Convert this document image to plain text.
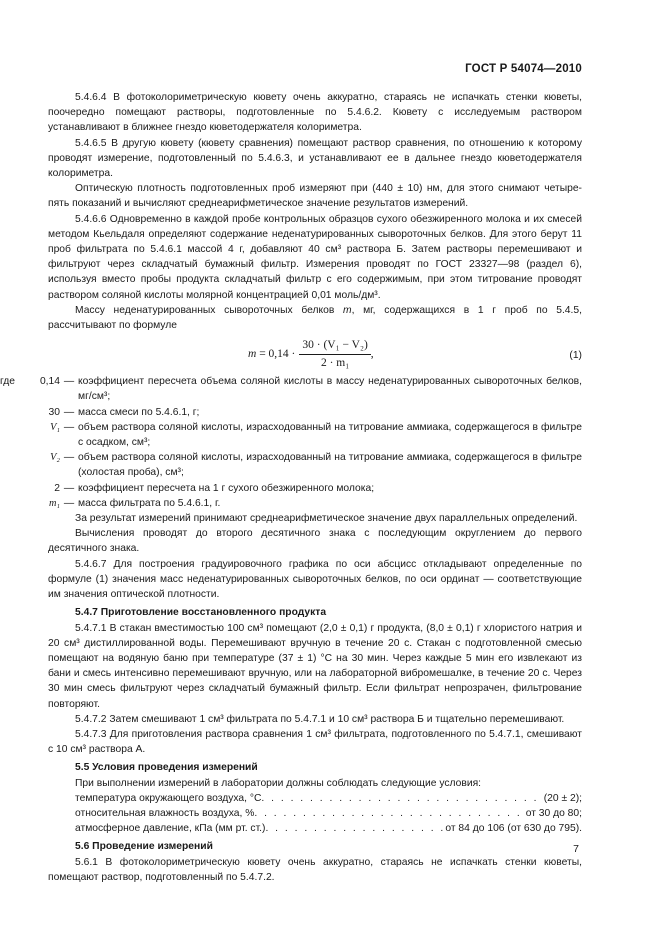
ГОСТ Р 54074—2010

5.4.6.4 В фотоколориметрическую кювету очень аккуратно, стараясь не испачкать стенки кюветы, поочередно помещают растворы, подготовленные по 5.4.6.2. Кювету с исследуемым раствором устанавливают в ближнее гнездо кюветодержателя колориметра.

5.4.6.5 В другую кювету (кювету сравнения) помещают раствор сравнения, по отношению к которому проводят измерение, подготовленный по 5.4.6.3, и устанавливают ее в дальнее гнездо кюветодержателя колориметра.

Оптическую плотность подготовленных проб измеряют при (440 ± 10) нм, для этого снимают четыре-пять показаний и вычисляют среднеарифметическое значение результатов измерений.

5.4.6.6 Одновременно в каждой пробе контрольных образцов сухого обезжиренного молока и их смесей методом Кьельдаля определяют содержание неденатурированных сывороточных белков. Для этого берут 11 проб фильтрата по 5.4.6.1 массой 4 г, добавляют 40 см³ раствора Б. Затем растворы перемешивают и фильтруют через складчатый бумажный фильтр. Измерения проводят по ГОСТ 23327—98 (раздел 6), используя вместо пробы продукта складчатый фильтр с его содержимым, при этом титрование проводят раствором соляной кислоты молярной концентрацией 0,01 моль/дм³.

Массу неденатурированных сывороточных белков m, мг, содержащихся в 1 г проб по 5.4.5, рассчитывают по формуле

$m = 0,14 \cdot \frac{\text{30 · (V₁ − V₂)}}{\text{2 · m₁}}$ ,	(1)
где	0,14 — коэффициент пересчета объема соляной кислоты в массу неденатурированных сывороточных белков, мг/см³;
30 — масса смеси по 5.4.6.1, г;
V₁ — объем раствора соляной кислоты, израсходованный на титрование аммиака, содержащегося в фильтре с осадком, см³;
V₂ — объем раствора соляной кислоты, израсходованный на титрование аммиака, содержащегося в фильтре (холостая проба), см³;
2 — коэффициент пересчета на 1 г сухого обезжиренного молока;
m₁ — масса фильтрата по 5.4.6.1, г.

За результат измерений принимают среднеарифметическое значение двух параллельных определений.

Вычисления проводят до второго десятичного знака с последующим округлением до первого десятичного знака.

5.4.6.7 Для построения градуировочного графика по оси абсцисс откладывают определенные по формуле (1) значения масс неденатурированных сывороточных белков, по оси ординат — соответствующие им значения оптической плотности.

5.4.7 Приготовление восстановленного продукта

5.4.7.1 В стакан вместимостью 100 см³ помещают (2,0 ± 0,1) г продукта, (8,0 ± 0,1) г хлористого натрия и 20 см³ дистиллированной воды. Перемешивают вручную в течение 20 с. Стакан с подготовленной смесью помещают на водяную баню при температуре (37 ± 1) °С на 30 мин. Через каждые 5 мин его извлекают из бани и смесь интенсивно перемешивают вручную, или на лабораторной вибромешалке, в течение 20 с. Через 30 мин смесь фильтруют через складчатый бумажный фильтр. Если фильтрат непрозрачен, фильтрование повторяют.

5.4.7.2 Затем смешивают 1 см³ фильтрата по 5.4.7.1 и 10 см³ раствора Б и тщательно перемешивают.

5.4.7.3 Для приготовления раствора сравнения 1 см³ фильтрата, подготовленного по 5.4.7.1, смешивают с 10 см³ раствора А.

5.5 Условия проведения измерений

При выполнении измерений в лаборатории должны соблюдать следующие условия:

температура окружающего воздуха, °С . . .	(20 ± 2);
относительная влажность воздуха, % . . .	от 30 до 80;
атмосферное давление, кПа (мм рт. ст.) . . .	от 84 до 106 (от 630 до 795).

5.6 Проведение измерений

5.6.1 В фотоколориметрическую кювету очень аккуратно, стараясь не испачкать стенки кюветы, помещают раствор, подготовленный по 5.4.7.2.

7
